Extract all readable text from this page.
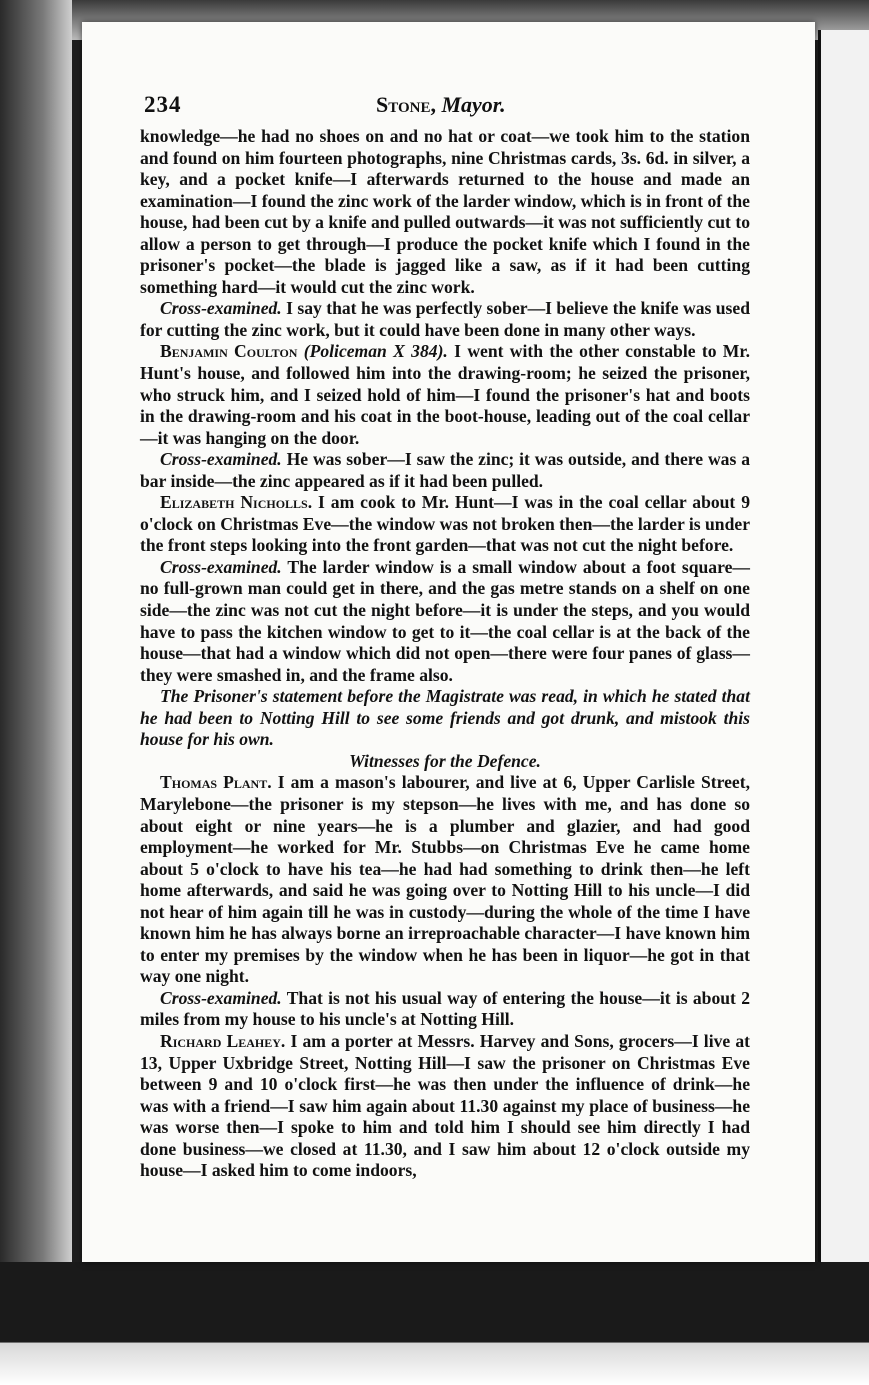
234	Stone, Mayor.

knowledge—he had no shoes on and no hat or coat—we took him to the station and found on him fourteen photographs, nine Christmas cards, 3s. 6d. in silver, a key, and a pocket knife—I afterwards returned to the house and made an examination—I found the zinc work of the larder window, which is in front of the house, had been cut by a knife and pulled outwards—it was not sufficiently cut to allow a person to get through—I produce the pocket knife which I found in the prisoner's pocket—the blade is jagged like a saw, as if it had been cutting something hard—it would cut the zinc work.

Cross-examined. I say that he was perfectly sober—I believe the knife was used for cutting the zinc work, but it could have been done in many other ways.

Benjamin Coulton (Policeman X 384). I went with the other constable to Mr. Hunt's house, and followed him into the drawing-room; he seized the prisoner, who struck him, and I seized hold of him—I found the prisoner's hat and boots in the drawing-room and his coat in the boot-house, leading out of the coal cellar—it was hanging on the door.

Cross-examined. He was sober—I saw the zinc; it was outside, and there was a bar inside—the zinc appeared as if it had been pulled.

Elizabeth Nicholls. I am cook to Mr. Hunt—I was in the coal cellar about 9 o'clock on Christmas Eve—the window was not broken then—the larder is under the front steps looking into the front garden—that was not cut the night before.

Cross-examined. The larder window is a small window about a foot square—no full-grown man could get in there, and the gas metre stands on a shelf on one side—the zinc was not cut the night before—it is under the steps, and you would have to pass the kitchen window to get to it—the coal cellar is at the back of the house—that had a window which did not open—there were four panes of glass—they were smashed in, and the frame also.

The Prisoner's statement before the Magistrate was read, in which he stated that he had been to Notting Hill to see some friends and got drunk, and mistook this house for his own.

Witnesses for the Defence.

Thomas Plant. I am a mason's labourer, and live at 6, Upper Carlisle Street, Marylebone—the prisoner is my stepson—he lives with me, and has done so about eight or nine years—he is a plumber and glazier, and had good employment—he worked for Mr. Stubbs—on Christmas Eve he came home about 5 o'clock to have his tea—he had had something to drink then—he left home afterwards, and said he was going over to Notting Hill to his uncle—I did not hear of him again till he was in custody—during the whole of the time I have known him he has always borne an irreproachable character—I have known him to enter my premises by the window when he has been in liquor—he got in that way one night.

Cross-examined. That is not his usual way of entering the house—it is about 2 miles from my house to his uncle's at Notting Hill.

Richard Leahey. I am a porter at Messrs. Harvey and Sons, grocers—I live at 13, Upper Uxbridge Street, Notting Hill—I saw the prisoner on Christmas Eve between 9 and 10 o'clock first—he was then under the influence of drink—he was with a friend—I saw him again about 11.30 against my place of business—he was worse then—I spoke to him and told him I should see him directly I had done business—we closed at 11.30, and I saw him about 12 o'clock outside my house—I asked him to come indoors,
